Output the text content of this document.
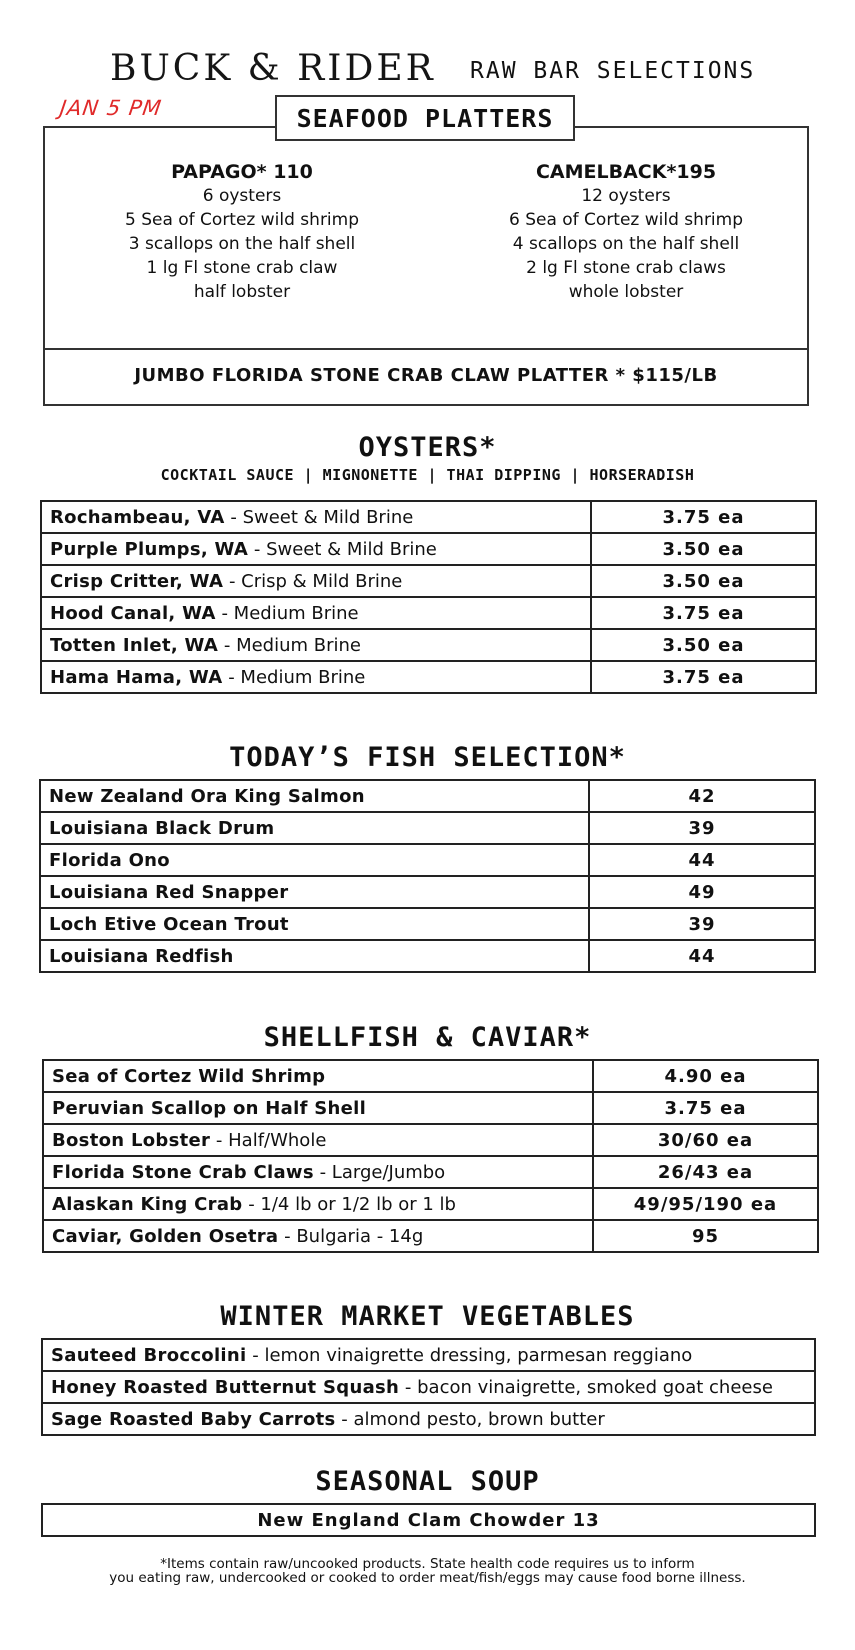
BUCK & RIDER RAW BAR SELECTIONS
JAN 5 PM	SEAFOOD PLATTERS
PAPAGO* 110
6 oysters
5 Sea of Cortez wild shrimp
3 scallops on the half shell
1 lg Fl stone crab claw
half lobster
CAMELBACK*195
12 oysters
6 Sea of Cortez wild shrimp
4 scallops on the half shell
2 lg Fl stone crab claws
whole lobster
JUMBO FLORIDA STONE CRAB CLAW PLATTER * $115/LB
OYSTERS*
COCKTAIL SAUCE | MIGNONETTE | THAI DIPPING | HORSERADISH
Rochambeau, VA - Sweet & Mild Brine	3.75 ea
Purple Plumps, WA - Sweet & Mild Brine	3.50 ea
Crisp Critter, WA - Crisp & Mild Brine	3.50 ea
Hood Canal, WA - Medium Brine	3.75 ea
Totten Inlet, WA - Medium Brine	3.50 ea
Hama Hama, WA - Medium Brine	3.75 ea
TODAY’S FISH SELECTION*
New Zealand Ora King Salmon	42
Louisiana Black Drum	39
Florida Ono	44
Louisiana Red Snapper	49
Loch Etive Ocean Trout	39
Louisiana Redfish	44
SHELLFISH & CAVIAR*
Sea of Cortez Wild Shrimp	4.90 ea
Peruvian Scallop on Half Shell	3.75 ea
Boston Lobster - Half/Whole	30/60 ea
Florida Stone Crab Claws - Large/Jumbo	26/43 ea
Alaskan King Crab - 1/4 lb or 1/2 lb or 1 lb	49/95/190 ea
Caviar, Golden Osetra - Bulgaria - 14g	95
WINTER MARKET VEGETABLES
Sauteed Broccolini - lemon vinaigrette dressing, parmesan reggiano
Honey Roasted Butternut Squash - bacon vinaigrette, smoked goat cheese
Sage Roasted Baby Carrots - almond pesto, brown butter
SEASONAL SOUP
New England Clam Chowder 13
*Items contain raw/uncooked products. State health code requires us to inform
you eating raw, undercooked or cooked to order meat/fish/eggs may cause food borne illness.
